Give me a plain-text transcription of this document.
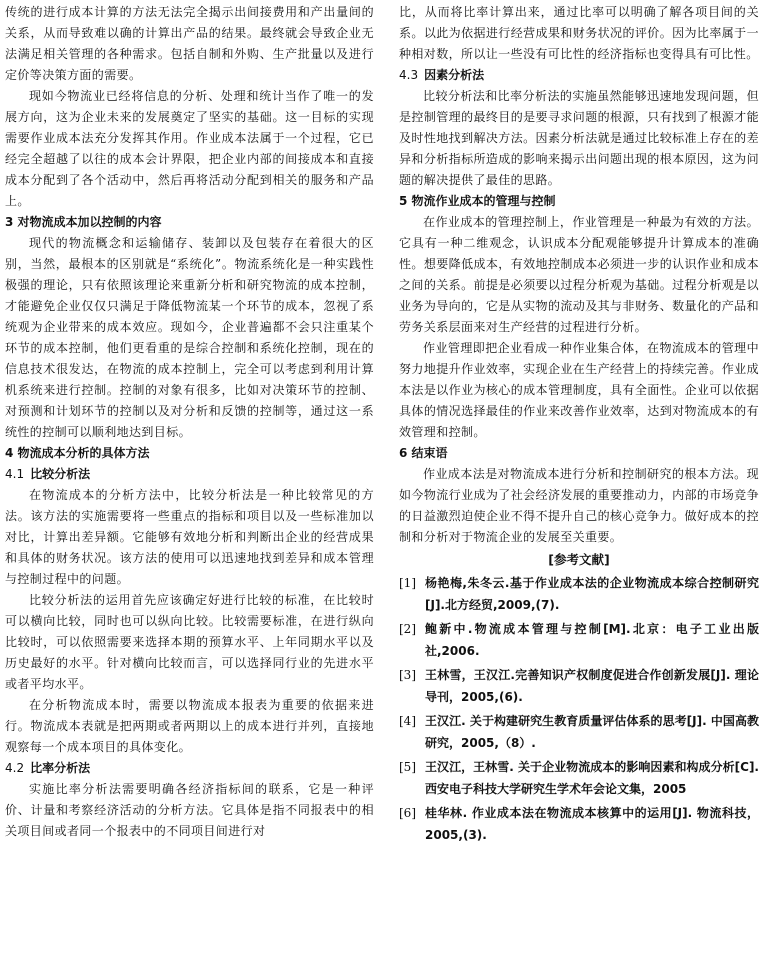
传统的进行成本计算的方法无法完全揭示出间接费用和产出量间的关系，从而导致难以确的计算出产品的结果。最终就会导致企业无法满足相关管理的各种需求。包括自制和外购、生产批量以及进行定价等决策方面的需要。

现如今物流业已经将信息的分析、处理和统计当作了唯一的发展方向，这为企业未来的发展奠定了坚实的基础。这一目标的实现需要作业成本法充分发挥其作用。作业成本法属于一个过程，它已经完全超越了以往的成本会计界限，把企业内部的间接成本和直接成本分配到了各个活动中，然后再将活动分配到相关的服务和产品上。

3 对物流成本加以控制的内容

现代的物流概念和运输储存、装卸以及包装存在着很大的区别，当然，最根本的区别就是“系统化”。物流系统化是一种实践性极强的理论，只有依照该理论来重新分析和研究物流的成本控制，才能避免企业仅仅只满足于降低物流某一个环节的成本，忽视了系统观为企业带来的成本效应。现如今，企业普遍都不会只注重某个环节的成本控制，他们更看重的是综合控制和系统化控制，现在的信息技术很发达，在物流的成本控制上，完全可以考虑到利用计算机系统来进行控制。控制的对象有很多，比如对决策环节的控制、对预测和计划环节的控制以及对分析和反馈的控制等，通过这一系统性的控制可以顺利地达到目标。

4 物流成本分析的具体方法
4.1 比较分析法

在物流成本的分析方法中，比较分析法是一种比较常见的方法。该方法的实施需要将一些重点的指标和项目以及一些标准加以对比，计算出差异额。它能够有效地分析和判断出企业的经营成果和具体的财务状况。该方法的使用可以迅速地找到差异和成本管理与控制过程中的问题。

比较分析法的运用首先应该确定好进行比较的标准，在比较时可以横向比较，同时也可以纵向比较。比较需要标准，在进行纵向比较时，可以依照需要来选择本期的预算水平、上年同期水平以及历史最好的水平。针对横向比较而言，可以选择同行业的先进水平或者平均水平。

在分析物流成本时，需要以物流成本报表为重要的依据来进行。物流成本表就是把两期或者两期以上的成本进行并列，直接地观察每一个成本项目的具体变化。

4.2 比率分析法

实施比率分析法需要明确各经济指标间的联系，它是一种评价、计量和考察经济活动的分析方法。它具体是指不同报表中的相关项目间或者同一个报表中的不同项目间进行对

比，从而将比率计算出来，通过比率可以明确了解各项目间的关系。以此为依据进行经营成果和财务状况的评价。因为比率属于一种相对数，所以让一些没有可比性的经济指标也变得具有可比性。

4.3 因素分析法

比较分析法和比率分析法的实施虽然能够迅速地发现问题，但是控制管理的最终目的是要寻求问题的根源，只有找到了根源才能及时性地找到解决方法。因素分析法就是通过比较标准上存在的差异和分析指标所造成的影响来揭示出问题出现的根本原因，这为问题的解决提供了最佳的思路。

5 物流作业成本的管理与控制

在作业成本的管理控制上，作业管理是一种最为有效的方法。它具有一种二维观念，认识成本分配观能够提升计算成本的准确性。想要降低成本，有效地控制成本必须进一步的认识作业和成本之间的关系。前提是必须要以过程分析观为基础。过程分析观是以业务为导向的，它是从实物的流动及其与非财务、数量化的产品和劳务关系层面来对生产经营的过程进行分析。

作业管理即把企业看成一种作业集合体，在物流成本的管理中努力地提升作业效率，实现企业在生产经营上的持续完善。作业成本法是以作业为核心的成本管理制度，具有全面性。企业可以依据具体的情况选择最佳的作业来改善作业效率，达到对物流成本的有效管理和控制。

6 结束语

作业成本法是对物流成本进行分析和控制研究的根本方法。现如今物流行业成为了社会经济发展的重要推动力，内部的市场竞争的日益激烈迫使企业不得不提升自己的核心竞争力。做好成本的控制和分析对于物流企业的发展至关重要。

[参考文献]
[1] 杨艳梅,朱冬云.基于作业成本法的企业物流成本综合控制研究[J].北方经贸,2009,(7).
[2] 鲍新中.物流成本管理与控制[M].北京：电子工业出版社,2006.
[3] 王林雪，王汉江.完善知识产权制度促进合作创新发展[J]. 理论导刊，2005,(6).
[4] 王汉江. 关于构建研究生教育质量评估体系的思考[J]. 中国高教研究，2005,（8）.
[5] 王汉江，王林雪. 关于企业物流成本的影响因素和构成分析[C]. 西安电子科技大学研究生学术年会论文集，2005
[6] 桂华林. 作业成本法在物流成本核算中的运用[J]. 物流科技，2005,(3).
